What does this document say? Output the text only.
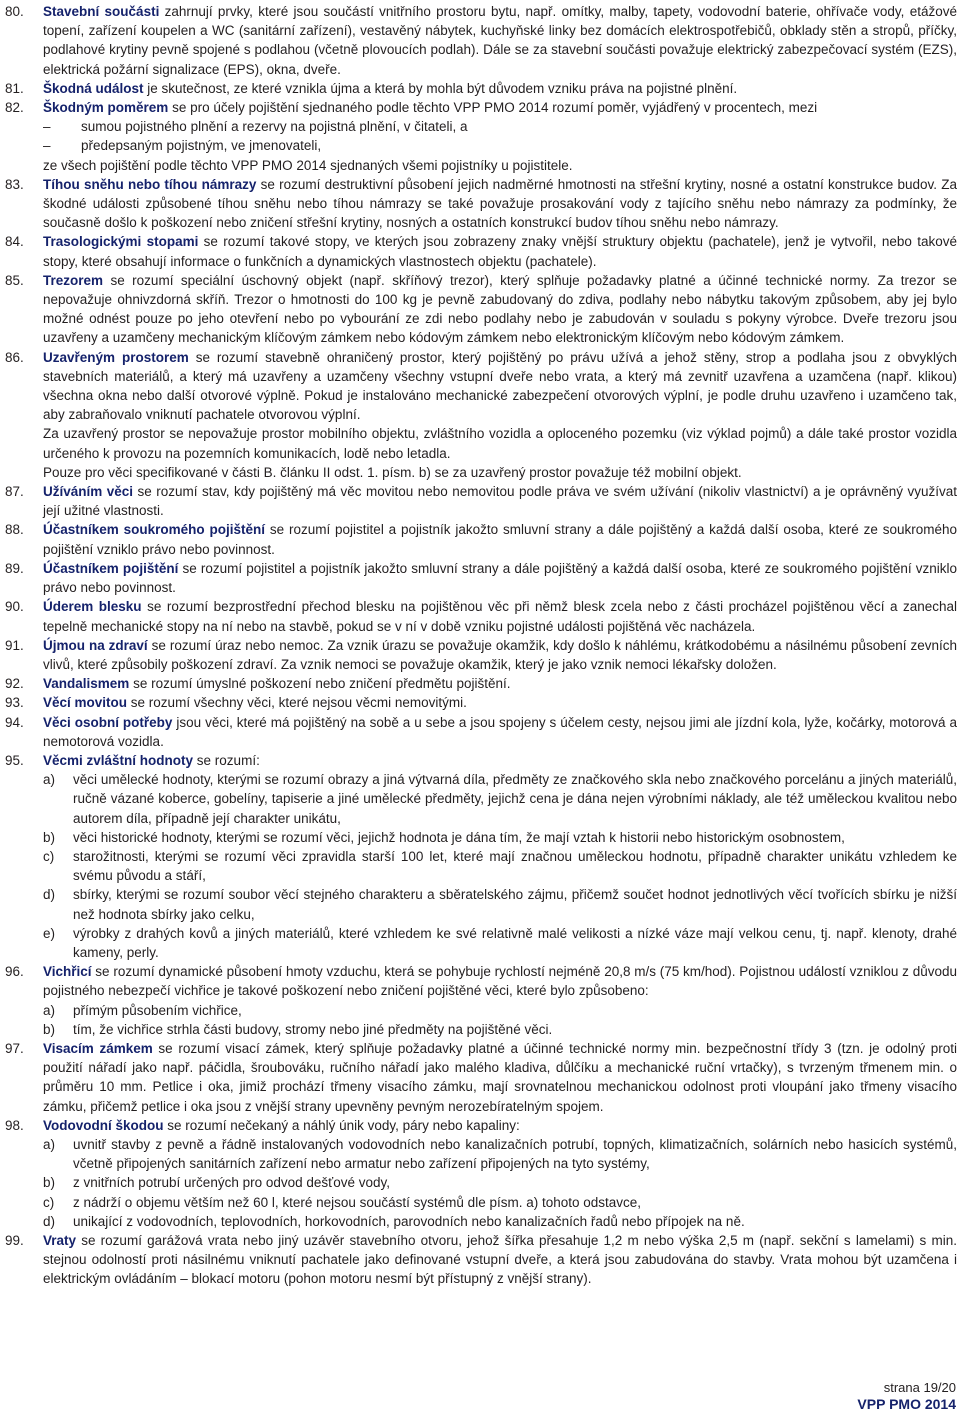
80. Stavební součásti zahrnují prvky, které jsou součástí vnitřního prostoru bytu, např. omítky, malby, tapety, vodovodní baterie, ohřívače vody, etážové topení, zařízení koupelen a WC (sanitární zařízení), vestavěný nábytek, kuchyňské linky bez domácích elektrospotřebičů, obklady stěn a stropů, příčky, podlahové krytiny pevně spojené s podlahou (včetně plovoucích podlah). Dále se za stavební součásti považuje elektrický zabezpečovací systém (EZS), elektrická požární signalizace (EPS), okna, dveře.

81. Škodná událost je skutečnost, ze které vznikla újma a která by mohla být důvodem vzniku práva na pojistné plnění.

82. Škodným poměrem se pro účely pojištění sjednaného podle těchto VPP PMO 2014 rozumí poměr, vyjádřený v procentech, mezi

– sumou pojistného plnění a rezervy na pojistná plnění, v čitateli, a

– předepsaným pojistným, ve jmenovateli,

ze všech pojištění podle těchto VPP PMO 2014 sjednaných všemi pojistníky u pojistitele.

83. Tíhou sněhu nebo tíhou námrazy se rozumí destruktivní působení jejich nadměrné hmotnosti na střešní krytiny, nosné a ostatní konstrukce budov. Za škodné události způsobené tíhou sněhu nebo tíhou námrazy se také považuje prosakování vody z tajícího sněhu nebo námrazy za podmínky, že současně došlo k poškození nebo zničení střešní krytiny, nosných a ostatních konstrukcí budov tíhou sněhu nebo námrazy.

84. Trasologickými stopami se rozumí takové stopy, ve kterých jsou zobrazeny znaky vnější struktury objektu (pachatele), jenž je vytvořil, nebo takové stopy, které obsahují informace o funkčních a dynamických vlastnostech objektu (pachatele).

85. Trezorem se rozumí speciální úschovný objekt (např. skříňový trezor), který splňuje požadavky platné a účinné technické normy. Za trezor se nepovažuje ohnivzdorná skříň. Trezor o hmotnosti do 100 kg je pevně zabudovaný do zdiva, podlahy nebo nábytku takovým způsobem, aby jej bylo možné odnést pouze po jeho otevření nebo po vybourání ze zdi nebo podlahy nebo je zabudován v souladu s pokyny výrobce. Dveře trezoru jsou uzavřeny a uzamčeny mechanickým klíčovým zámkem nebo kódovým zámkem nebo elektronickým klíčovým nebo kódovým zámkem.

86. Uzavřeným prostorem se rozumí stavebně ohraničený prostor, který pojištěný po právu užívá a jehož stěny, strop a podlaha jsou z obvyklých stavebních materiálů, a který má uzavřeny a uzamčeny všechny vstupní dveře nebo vrata, a který má zevnitř uzavřena a uzamčena (např. klikou) všechna okna nebo další otvorové výplně. Pokud je instalováno mechanické zabezpečení otvorových výplní, je podle druhu uzavřeno i uzamčeno tak, aby zabraňovalo vniknutí pachatele otvorovou výplní.

Za uzavřený prostor se nepovažuje prostor mobilního objektu, zvláštního vozidla a oploceného pozemku (viz výklad pojmů) a dále také prostor vozidla určeného k provozu na pozemních komunikacích, lodě nebo letadla.

Pouze pro věci specifikované v části B. článku II odst. 1. písm. b) se za uzavřený prostor považuje též mobilní objekt.

87. Užíváním věci se rozumí stav, kdy pojištěný má věc movitou nebo nemovitou podle práva ve svém užívání (nikoliv vlastnictví) a je oprávněný využívat její užitné vlastnosti.

88. Účastníkem soukromého pojištění se rozumí pojistitel a pojistník jakožto smluvní strany a dále pojištěný a každá další osoba, které ze soukromého pojištění vzniklo právo nebo povinnost.

89. Účastníkem pojištění se rozumí pojistitel a pojistník jakožto smluvní strany a dále pojištěný a každá další osoba, které ze soukromého pojištění vzniklo právo nebo povinnost.

90. Úderem blesku se rozumí bezprostřední přechod blesku na pojištěnou věc při němž blesk zcela nebo z části procházel pojištěnou věcí a zanechal tepelně mechanické stopy na ní nebo na stavbě, pokud se v ní v době vzniku pojistné události pojištěná věc nacházela.

91. Újmou na zdraví se rozumí úraz nebo nemoc. Za vznik úrazu se považuje okamžik, kdy došlo k náhlému, krátkodobému a násilnému působení zevních vlivů, které způsobily poškození zdraví. Za vznik nemoci se považuje okamžik, který je jako vznik nemoci lékařsky doložen.

92. Vandalismem se rozumí úmyslné poškození nebo zničení předmětu pojištění.

93. Věcí movitou se rozumí všechny věci, které nejsou věcmi nemovitými.

94. Věci osobní potřeby jsou věci, které má pojištěný na sobě a u sebe a jsou spojeny s účelem cesty, nejsou jimi ale jízdní kola, lyže, kočárky, motorová a nemotorová vozidla.

95. Věcmi zvláštní hodnoty se rozumí:

a) věci umělecké hodnoty, kterými se rozumí obrazy a jiná výtvarná díla, předměty ze značkového skla nebo značkového porcelánu a jiných materiálů, ručně vázané koberce, gobelíny, tapiserie a jiné umělecké předměty, jejichž cena je dána nejen výrobními náklady, ale též uměleckou kvalitou nebo autorem díla, případně její charakter unikátu,

b) věci historické hodnoty, kterými se rozumí věci, jejichž hodnota je dána tím, že mají vztah k historii nebo historickým osobnostem,

c) starožitnosti, kterými se rozumí věci zpravidla starší 100 let, které mají značnou uměleckou hodnotu, případně charakter unikátu vzhledem ke svému původu a stáří,

d) sbírky, kterými se rozumí soubor věcí stejného charakteru a sběratelského zájmu, přičemž součet hodnot jednotlivých věcí tvořících sbírku je nižší než hodnota sbírky jako celku,

e) výrobky z drahých kovů a jiných materiálů, které vzhledem ke své relativně malé velikosti a nízké váze mají velkou cenu, tj. např. klenoty, drahé kameny, perly.

96. Vichřicí se rozumí dynamické působení hmoty vzduchu, která se pohybuje rychlostí nejméně 20,8 m/s (75 km/hod). Pojistnou událostí vzniklou z důvodu pojistného nebezpečí vichřice je takové poškození nebo zničení pojištěné věci, které bylo způsobeno:

a) přímým působením vichřice,

b) tím, že vichřice strhla části budovy, stromy nebo jiné předměty na pojištěné věci.

97. Visacím zámkem se rozumí visací zámek, který splňuje požadavky platné a účinné technické normy min. bezpečnostní třídy 3 (tzn. je odolný proti použití nářadí jako např. páčidla, šroubováku, ručního nářadí jako malého kladiva, důlčíku a mechanické ruční vrtačky), s tvrzeným třmenem min. o průměru 10 mm. Petlice i oka, jimiž prochází třmeny visacího zámku, mají srovnatelnou mechanickou odolnost proti vloupání jako třmeny visacího zámku, přičemž petlice i oka jsou z vnější strany upevněny pevným nerozebíratelným spojem.

98. Vodovodní škodou se rozumí nečekaný a náhlý únik vody, páry nebo kapaliny:

a) uvnitř stavby z pevně a řádně instalovaných vodovodních nebo kanalizačních potrubí, topných, klimatizačních, solárních nebo hasicích systémů, včetně připojených sanitárních zařízení nebo armatur nebo zařízení připojených na tyto systémy,

b) z vnitřních potrubí určených pro odvod dešťové vody,

c) z nádrží o objemu větším než 60 l, které nejsou součástí systémů dle písm. a) tohoto odstavce,

d) unikající z vodovodních, teplovodních, horkovodních, parovodních nebo kanalizačních řadů nebo přípojek na ně.

99. Vraty se rozumí garážová vrata nebo jiný uzávěr stavebního otvoru, jehož šířka přesahuje 1,2 m nebo výška 2,5 m (např. sekční s lamelami) s min. stejnou odolností proti násilnému vniknutí pachatele jako definované vstupní dveře, a která jsou zabudována do stavby. Vrata mohou být uzamčena i elektrickým ovládáním – blokací motoru (pohon motoru nesmí být přístupný z vnější strany).

strana 19/20
VPP PMO 2014
